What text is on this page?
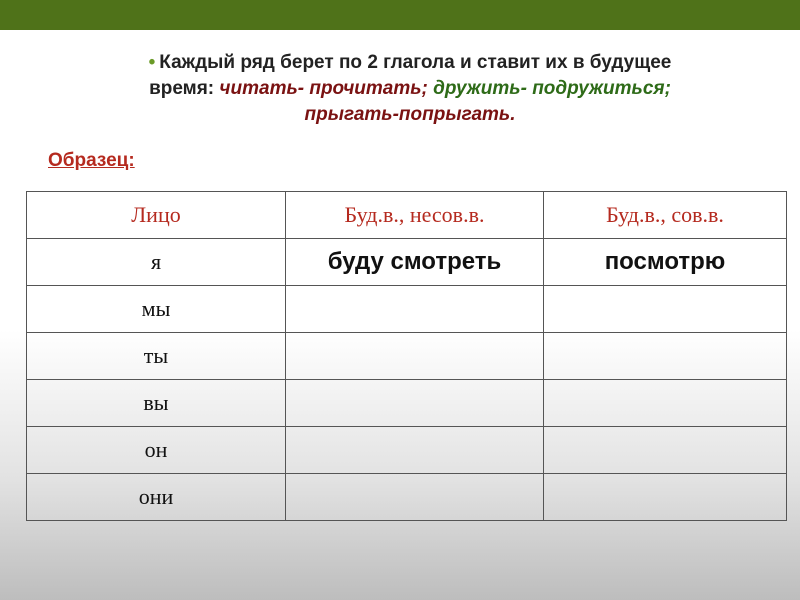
• Каждый ряд берет по 2 глагола и ставит их в будущее
время: читать- прочитать; дружить- подружиться;
прыгать-попрыгать.
Образец:
Лицо	Буд.в., несов.в.	Буд.в., сов.в.
я	буду смотреть	посмотрю
мы		
ты		
вы		
он		
они		
